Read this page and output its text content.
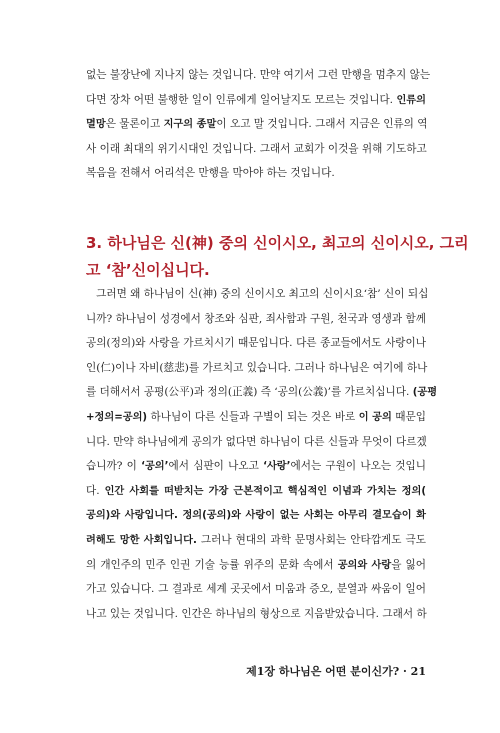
없는 불장난에 지나지 않는 것입니다. 만약 여기서 그런 만행을 멈추지 않는
다면 장차 어떤 불행한 일이 인류에게 일어날지도 모르는 것입니다. 인류의
멸망은 물론이고 지구의 종말이 오고 말 것입니다. 그래서 지금은 인류의 역
사 이래 최대의 위기시대인 것입니다. 그래서 교회가 이것을 위해 기도하고
복음을 전해서 어리석은 만행을 막아야 하는 것입니다.
3. 하나님은 신(神) 중의 신이시오, 최고의 신이시오, 그리
고 ‘참’신이십니다.
그러면 왜 하나님이 신(神) 중의 신이시오 최고의 신이시요‘참’ 신이 되십
니까? 하나님이 성경에서 창조와 심판, 죄사함과 구원, 천국과 영생과 함께
공의(정의)와 사랑을 가르치시기 때문입니다. 다른 종교들에서도 사랑이나
인(仁)이나 자비(慈悲)를 가르치고 있습니다. 그러나 하나님은 여기에 하나
를 더해서서 공평(公平)과 정의(正義) 즉 ‘공의(公義)’를 가르치십니다. (공평
+정의=공의) 하나님이 다른 신들과 구별이 되는 것은 바로 이 공의 때문입
니다. 만약 하나님에게 공의가 없다면 하나님이 다른 신들과 무엇이 다르겠
습니까? 이 ‘공의’에서 심판이 나오고 ‘사랑’에서는 구원이 나오는 것입니
다. 인간 사회를 떠받치는 가장 근본적이고 핵심적인 이념과 가치는 정의(
공의)와 사랑입니다. 정의(공의)와 사랑이 없는 사회는 아무리 결모습이 화
려해도 망한 사회입니다. 그러나 현대의 과학 문명사회는 안타깝게도 극도
의 개인주의 민주 인권 기술 능률 위주의 문화 속에서 공의와 사랑을 잃어
가고 있습니다. 그 결과로 세계 곳곳에서 미움과 증오, 분열과 싸움이 일어
나고 있는 것입니다. 인간은 하나님의 형상으로 지음받았습니다. 그래서 하
제1장 하나님은 어떤 분이신가? · 21
